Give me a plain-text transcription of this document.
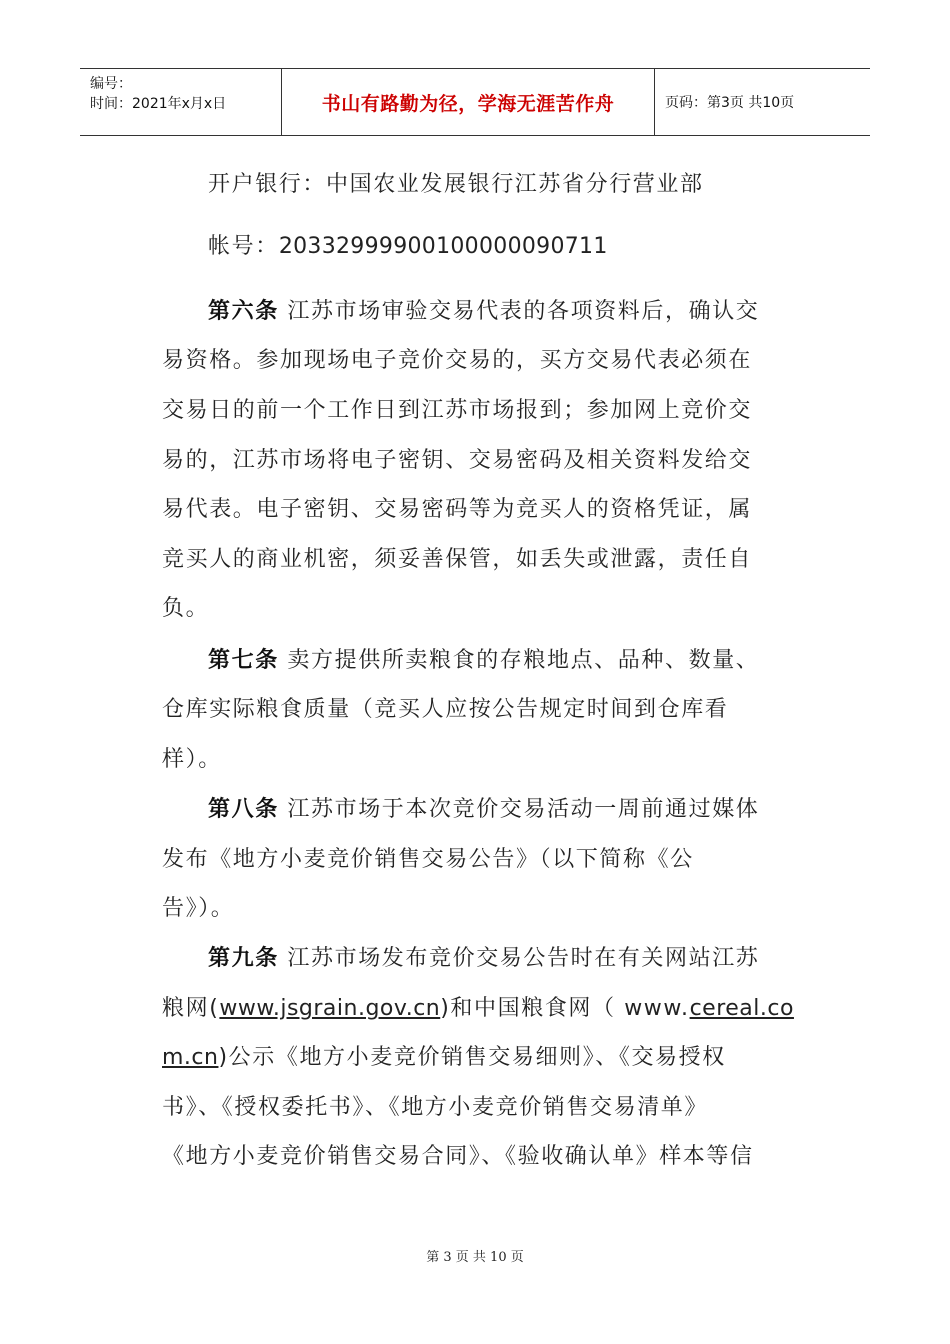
编号：
时间：2021年x月x日	书山有路勤为径，学海无涯苦作舟	页码：第3页 共10页
开户银行：中国农业发展银行江苏省分行营业部
帐号：20332999900100000090711
第六条 江苏市场审验交易代表的各项资料后，确认交
易资格。参加现场电子竞价交易的，买方交易代表必须在
交易日的前一个工作日到江苏市场报到；参加网上竞价交
易的，江苏市场将电子密钥、交易密码及相关资料发给交
易代表。电子密钥、交易密码等为竞买人的资格凭证，属
竞买人的商业机密，须妥善保管，如丢失或泄露，责任自
负。
第七条 卖方提供所卖粮食的存粮地点、品种、数量、
仓库实际粮食质量（竞买人应按公告规定时间到仓库看
样）。
第八条 江苏市场于本次竞价交易活动一周前通过媒体
发布《地方小麦竞价销售交易公告》（以下简称《公
告》）。
第九条 江苏市场发布竞价交易公告时在有关网站江苏
粮网(www.jsgrain.gov.cn)和中国粮食网（ www.cereal.co
m.cn)公示《地方小麦竞价销售交易细则》、《交易授权
书》、《授权委托书》、《地方小麦竞价销售交易清单》
《地方小麦竞价销售交易合同》、《验收确认单》样本等信
第 3 页 共 10 页
